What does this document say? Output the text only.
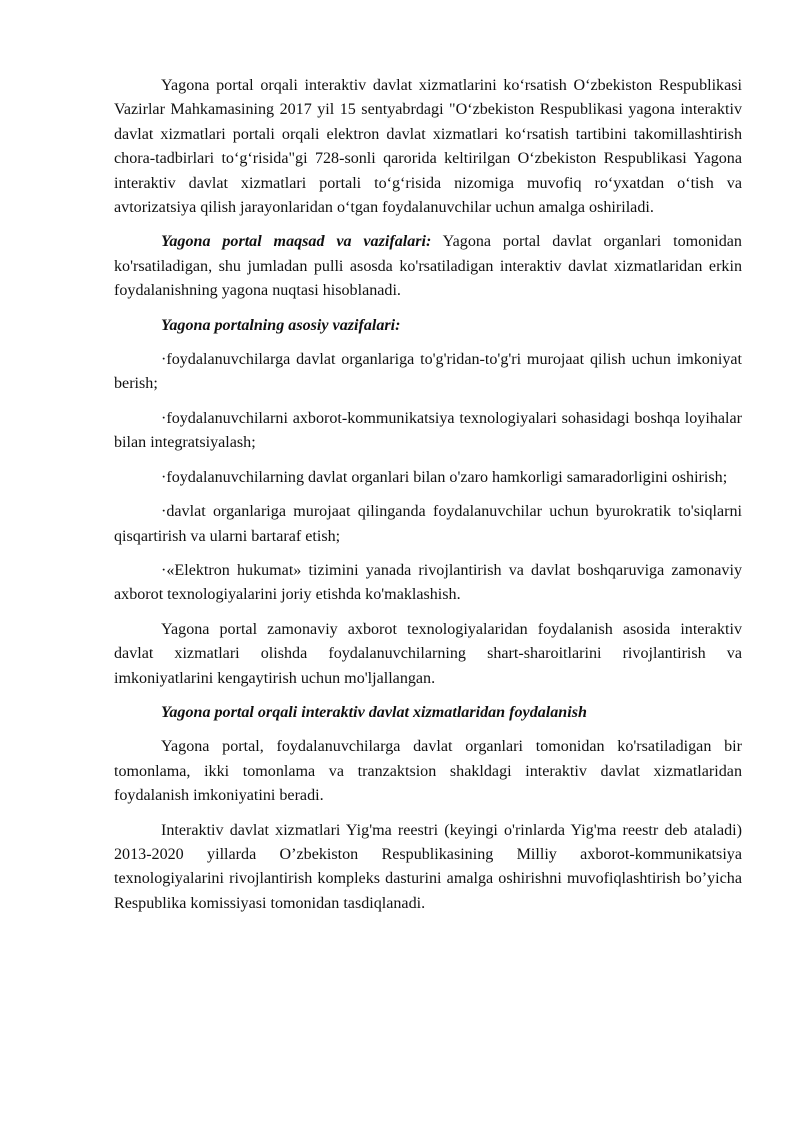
Yagona portal orqali interaktiv davlat xizmatlarini ko‘rsatish O‘zbekiston Respublikasi Vazirlar Mahkamasining 2017 yil 15 sentyabrdagi "O‘zbekiston Respublikasi yagona interaktiv davlat xizmatlari portali orqali elektron davlat xizmatlari ko‘rsatish tartibini takomillashtirish chora-tadbirlari to‘g‘risida"gi 728-sonli qarorida keltirilgan O‘zbekiston Respublikasi Yagona interaktiv davlat xizmatlari portali to‘g‘risida nizomiga muvofiq ro‘yxatdan o‘tish va avtorizatsiya qilish jarayonlaridan o‘tgan foydalanuvchilar uchun amalga oshiriladi.

Yagona portal maqsad va vazifalari: Yagona portal davlat organlari tomonidan ko'rsatiladigan, shu jumladan pulli asosda ko'rsatiladigan interaktiv davlat xizmatlaridan erkin foydalanishning yagona nuqtasi hisoblanadi.

Yagona portalning asosiy vazifalari:

·foydalanuvchilarga davlat organlariga to'g'ridan-to'g'ri murojaat qilish uchun imkoniyat berish;

·foydalanuvchilarni axborot-kommunikatsiya texnologiyalari sohasidagi boshqa loyihalar bilan integratsiyalash;

·foydalanuvchilarning davlat organlari bilan o'zaro hamkorligi samaradorligini oshirish;

·davlat organlariga murojaat qilinganda foydalanuvchilar uchun byurokratik to'siqlarni qisqartirish va ularni bartaraf etish;

·«Elektron hukumat» tizimini yanada rivojlantirish va davlat boshqaruviga zamonaviy axborot texnologiyalarini joriy etishda ko'maklashish.

Yagona portal zamonaviy axborot texnologiyalaridan foydalanish asosida interaktiv davlat xizmatlari olishda foydalanuvchilarning shart-sharoitlarini rivojlantirish va imkoniyatlarini kengaytirish uchun mo'ljallangan.

Yagona portal orqali interaktiv davlat xizmatlaridan foydalanish

Yagona portal, foydalanuvchilarga davlat organlari tomonidan ko'rsatiladigan bir tomonlama, ikki tomonlama va tranzaktsion shakldagi interaktiv davlat xizmatlaridan foydalanish imkoniyatini beradi.

Interaktiv davlat xizmatlari Yig'ma reestri (keyingi o'rinlarda Yig'ma reestr deb ataladi) 2013-2020 yillarda O’zbekiston Respublikasining Milliy axborot-kommunikatsiya texnologiyalarini rivojlantirish kompleks dasturini amalga oshirishni muvofiqlashtirish bo’yicha Respublika komissiyasi tomonidan tasdiqlanadi.
